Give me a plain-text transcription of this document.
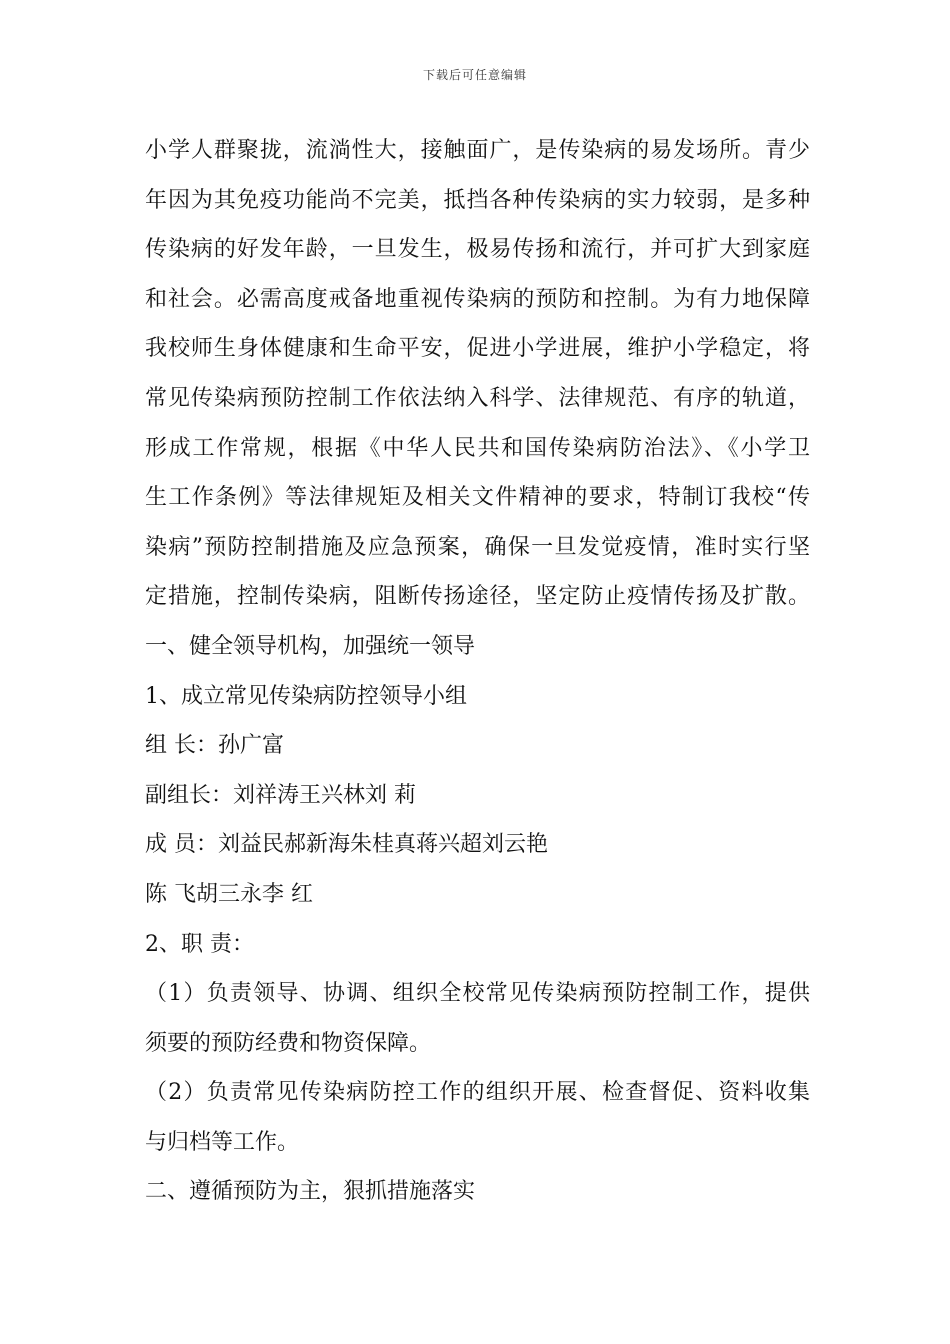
下载后可任意编辑
小学人群聚拢，流淌性大，接触面广，是传染病的易发场所。青少
年因为其免疫功能尚不完美，抵挡各种传染病的实力较弱，是多种
传染病的好发年龄，一旦发生，极易传扬和流行，并可扩大到家庭
和社会。必需高度戒备地重视传染病的预防和控制。为有力地保障
我校师生身体健康和生命平安，促进小学进展，维护小学稳定，将
常见传染病预防控制工作依法纳入科学、法律规范、有序的轨道，
形成工作常规，根据《中华人民共和国传染病防治法》、《小学卫
生工作条例》等法律规矩及相关文件精神的要求，特制订我校“传
染病”预防控制措施及应急预案，确保一旦发觉疫情，准时实行坚
定措施，控制传染病，阻断传扬途径，坚定防止疫情传扬及扩散。
一、健全领导机构，加强统一领导
1、成立常见传染病防控领导小组
组 长：孙广富
副组长：刘祥涛王兴林刘 莉
成 员：刘益民郝新海朱桂真蒋兴超刘云艳
陈 飞胡三永李 红
2、职 责：
（1）负责领导、协调、组织全校常见传染病预防控制工作，提供
须要的预防经费和物资保障。
（2）负责常见传染病防控工作的组织开展、检查督促、资料收集
与归档等工作。
二、遵循预防为主，狠抓措施落实
